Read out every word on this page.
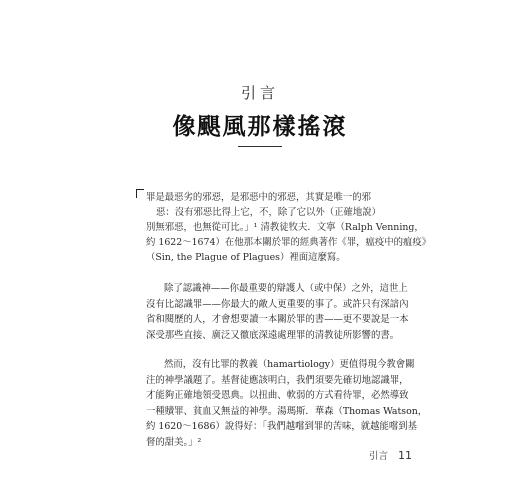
引言
像颶風那樣搖滾
罪是最惡劣的邪惡，是邪惡中的邪惡，其實是唯一的邪
惡：沒有邪惡比得上它，不，除了它以外（正確地說）
別無邪惡，也無從可比。」¹ 清教徒牧夫．文寧（Ralph Venning，
約 1622～1674）在他那本關於罪的經典著作《罪，瘟疫中的瘟疫》
（Sin, the Plague of Plagues）裡面這麼寫。
除了認識神——你最重要的辯護人（或中保）之外，這世上
沒有比認識罪——你最大的敵人更重要的事了。或許只有深諳內
省和閱歷的人，才會想要讀一本關於罪的書——更不要說是一本
深受那些直接、廣泛又徹底深遠處理罪的清教徒所影響的書。
然而，沒有比罪的教義（hamartiology）更值得現今教會關
注的神學議題了。基督徒應該明白，我們須要先確切地認識罪，
才能夠正確地領受恩典。以扭曲、軟弱的方式看待罪，必然導致
一種贖罪、貧血又無益的神學。湯瑪斯．華森（Thomas Watson，
約 1620～1686）說得好：「我們越嚐到罪的苦味，就越能嚐到基
督的甜美。」²
引言 11
